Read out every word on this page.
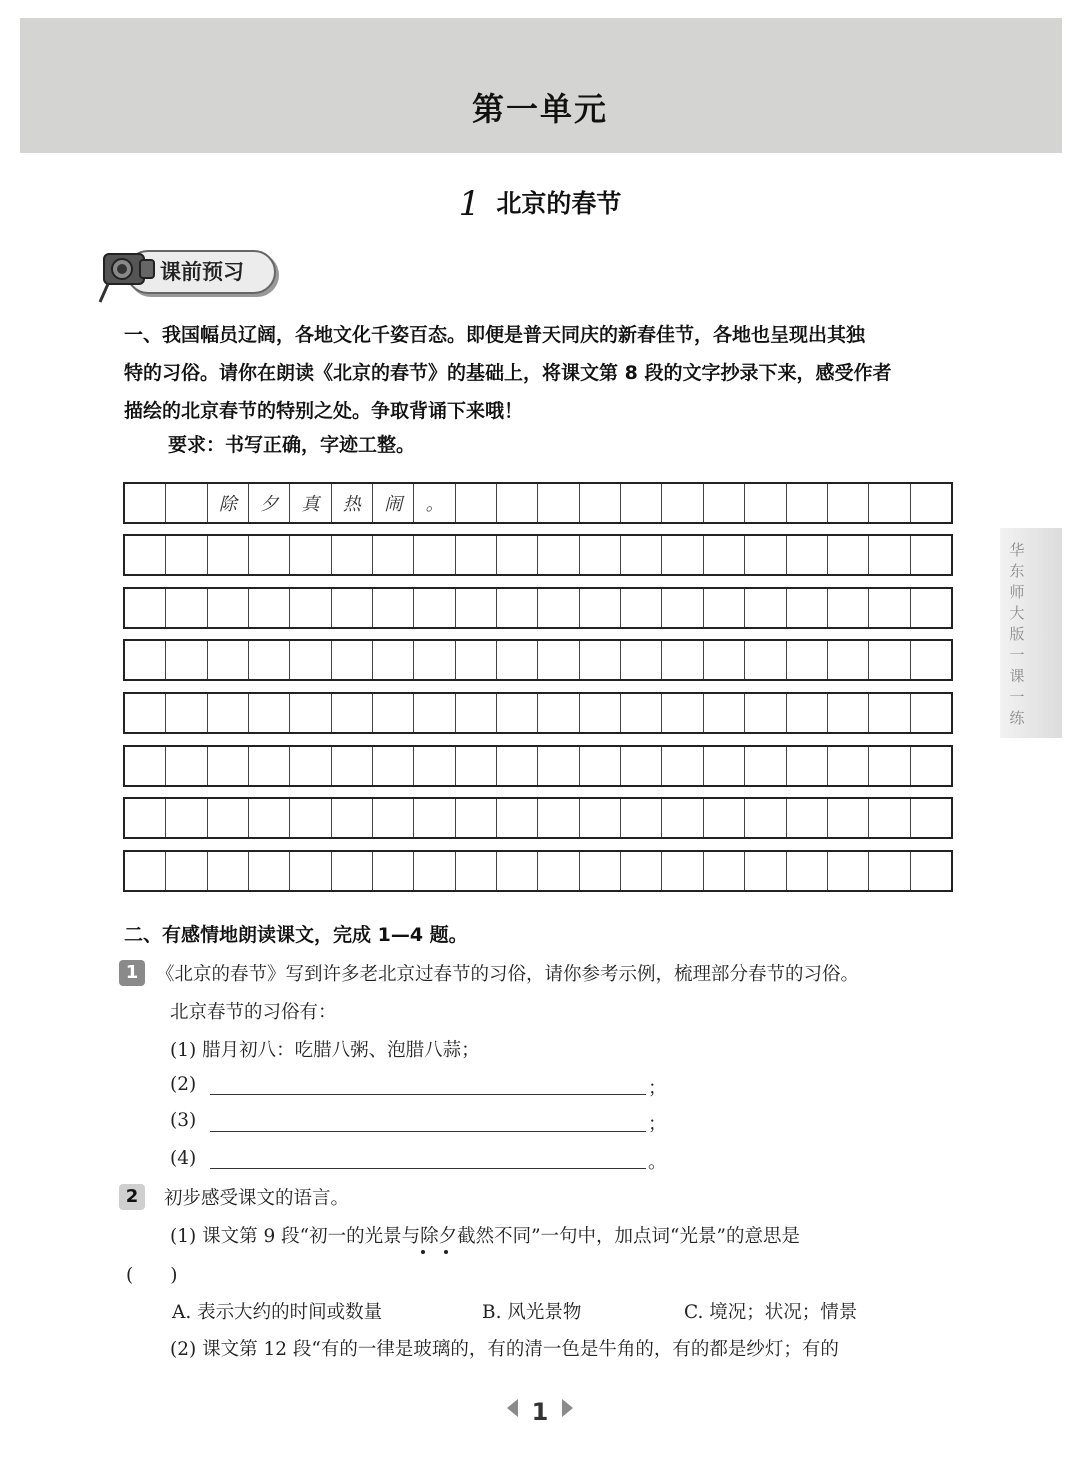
第一单元
1 北京的春节
课前预习
一、我国幅员辽阔，各地文化千姿百态。即便是普天同庆的新春佳节，各地也呈现出其独
特的习俗。请你在朗读《北京的春节》的基础上，将课文第 8 段的文字抄录下来，感受作者
描绘的北京春节的特别之处。争取背诵下来哦！
要求：书写正确，字迹工整。
除	夕	真	热	闹	。
华东师大版一课一练
二、有感情地朗读课文，完成 1—4 题。
1 《北京的春节》写到许多老北京过春节的习俗，请你参考示例，梳理部分春节的习俗。
北京春节的习俗有：
(1) 腊月初八：吃腊八粥、泡腊八蒜；
(2)	；
(3)	；
(4)	。
2	初步感受课文的语言。
(1) 课文第 9 段“初一的光景与除夕截然不同”一句中，加点词“光景”的意思是
(　　)
A. 表示大约的时间或数量	B. 风光景物	C. 境况；状况；情景
(2) 课文第 12 段“有的一律是玻璃的，有的清一色是牛角的，有的都是纱灯；有的
1
